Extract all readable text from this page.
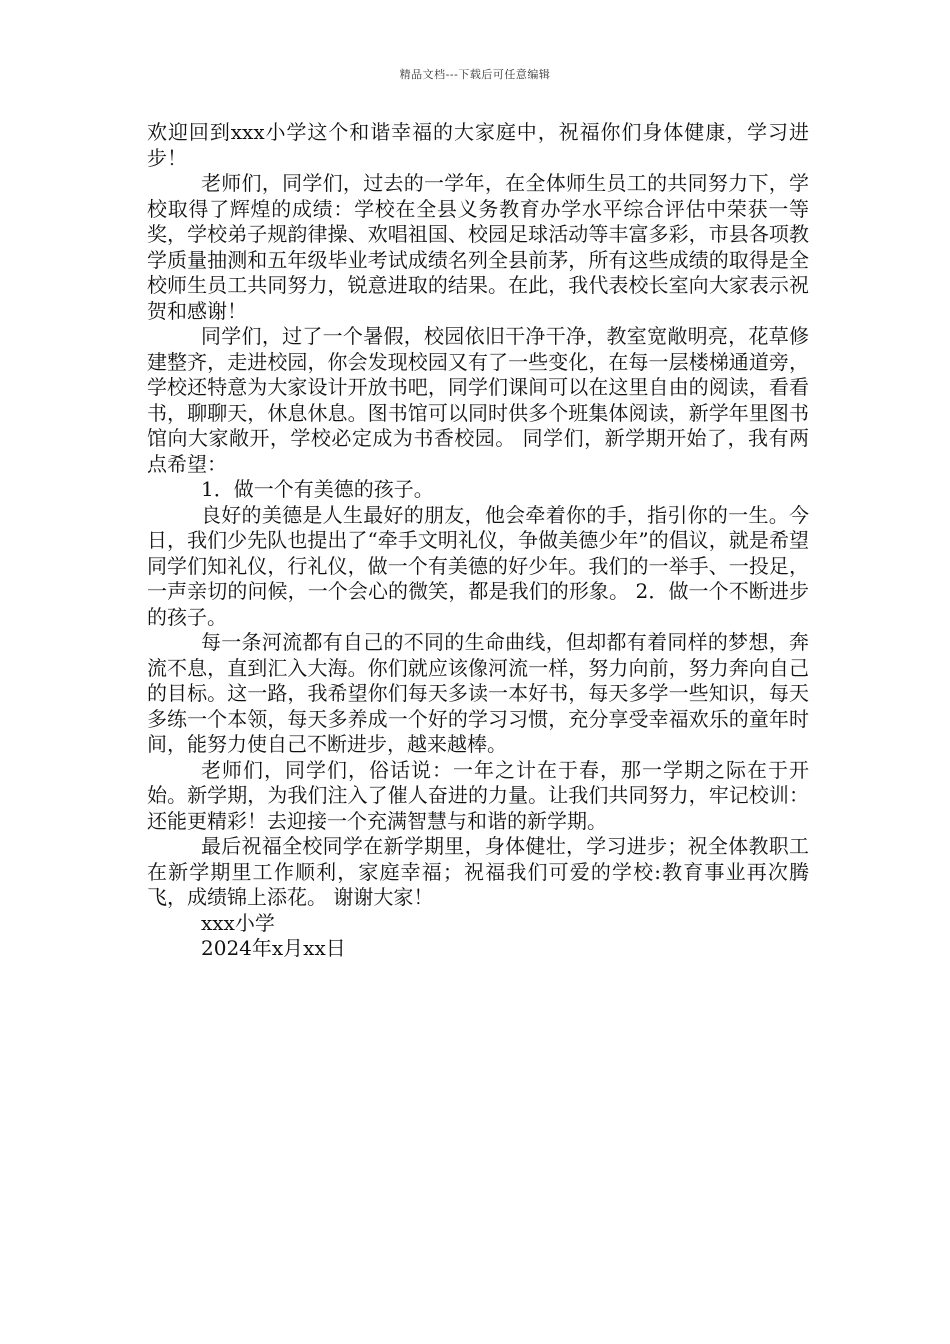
精品文档---下载后可任意编辑

欢迎回到xxx小学这个和谐幸福的大家庭中，祝福你们身体健康，学习进步！

老师们，同学们，过去的一学年，在全体师生员工的共同努力下，学校取得了辉煌的成绩：学校在全县义务教育办学水平综合评估中荣获一等奖，学校弟子规韵律操、欢唱祖国、校园足球活动等丰富多彩，市县各项教学质量抽测和五年级毕业考试成绩名列全县前茅，所有这些成绩的取得是全校师生员工共同努力，锐意进取的结果。在此，我代表校长室向大家表示祝贺和感谢！

同学们，过了一个暑假，校园依旧干净干净，教室宽敞明亮，花草修建整齐，走进校园，你会发现校园又有了一些变化，在每一层楼梯通道旁，学校还特意为大家设计开放书吧，同学们课间可以在这里自由的阅读，看看书，聊聊天，休息休息。图书馆可以同时供多个班集体阅读，新学年里图书馆向大家敞开，学校必定成为书香校园。 同学们，新学期开始了，我有两点希望：

1．做一个有美德的孩子。

良好的美德是人生最好的朋友，他会牵着你的手，指引你的一生。今日，我们少先队也提出了“牵手文明礼仪，争做美德少年”的倡议，就是希望同学们知礼仪，行礼仪，做一个有美德的好少年。我们的一举手、一投足，一声亲切的问候，一个会心的微笑，都是我们的形象。 2．做一个不断进步的孩子。

每一条河流都有自己的不同的生命曲线，但却都有着同样的梦想，奔流不息，直到汇入大海。你们就应该像河流一样，努力向前，努力奔向自己的目标。这一路，我希望你们每天多读一本好书，每天多学一些知识，每天多练一个本领，每天多养成一个好的学习习惯，充分享受幸福欢乐的童年时间，能努力使自己不断进步，越来越棒。

老师们，同学们，俗话说：一年之计在于春，那一学期之际在于开始。新学期，为我们注入了催人奋进的力量。让我们共同努力，牢记校训：还能更精彩！去迎接一个充满智慧与和谐的新学期。

最后祝福全校同学在新学期里，身体健壮，学习进步；祝全体教职工在新学期里工作顺利，家庭幸福；祝福我们可爱的学校:教育事业再次腾飞，成绩锦上添花。 谢谢大家！

xxx小学

2024年x月xx日
